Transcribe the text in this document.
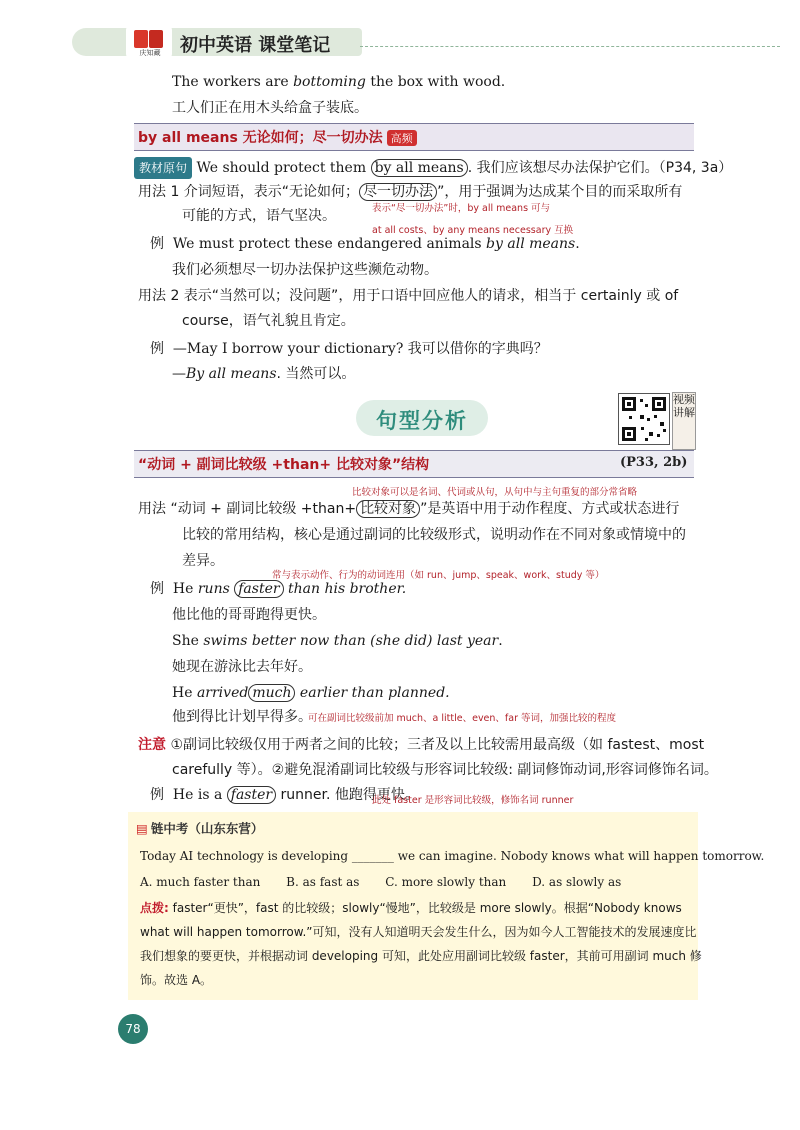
庆知藏	初中英语 课堂笔记
The workers are bottoming the box with wood.
工人们正在用木头给盒子装底。
by all means 无论如何；尽一切办法 高频
教材原句 We should protect them by all means . 我们应该想尽办法保护它们。（P34, 3a）
用法 1 介词短语，表示“无论如何； 尽一切办法 ”，用于强调为达成某个目的而采取所有
可能的方式，语气坚决。	表示“尽一切办法”时，by all means 可与
at all costs、by any means necessary 互换
例 We must protect these endangered animals by all means.
我们必须想尽一切办法保护这些濒危动物。
用法 2 表示“当然可以；没问题”，用于口语中回应他人的请求，相当于 certainly 或 of
course，语气礼貌且肯定。
例 —May I borrow your dictionary? 我可以借你的字典吗？
—By all means. 当然可以。
句型分析
视频讲解
“动词 + 副词比较级 +than+ 比较对象”结构	(P33, 2b)
比较对象可以是名词、代词或从句，从句中与主句重复的部分常省略
用法 “动词 + 副词比较级 +than+ 比较对象 ”是英语中用于动作程度、方式或状态进行
比较的常用结构，核心是通过副词的比较级形式，说明动作在不同对象或情境中的
差异。
常与表示动作、行为的动词连用（如 run、jump、speak、work、study 等）
例 He runs faster than his brother.
他比他的哥哥跑得更快。
She swims better now than (she did) last year.
她现在游泳比去年好。
He arrived much earlier than planned.
他到得比计划早得多。
可在副词比较级前加 much、a little、even、far 等词，加强比较的程度
注意 ①副词比较级仅用于两者之间的比较；三者及以上比较需用最高级（如 fastest、most
carefully 等）。②避免混淆副词比较级与形容词比较级: 副词修饰动词,形容词修饰名词。
例 He is a faster runner. 他跑得更快。
此处 faster 是形容词比较级，修饰名词 runner
▤ 链中考（山东东营）
Today AI technology is developing _______ we can imagine. Nobody knows what will happen tomorrow.
A. much faster than B. as fast as C. more slowly than D. as slowly as
点拨: faster“更快”，fast 的比较级；slowly“慢地”，比较级是 more slowly。根据“Nobody knows
what will happen tomorrow.”可知，没有人知道明天会发生什么，因为如今人工智能技术的发展速度比
我们想象的要更快，并根据动词 developing 可知，此处应用副词比较级 faster，其前可用副词 much 修
饰。故选 A。
78
